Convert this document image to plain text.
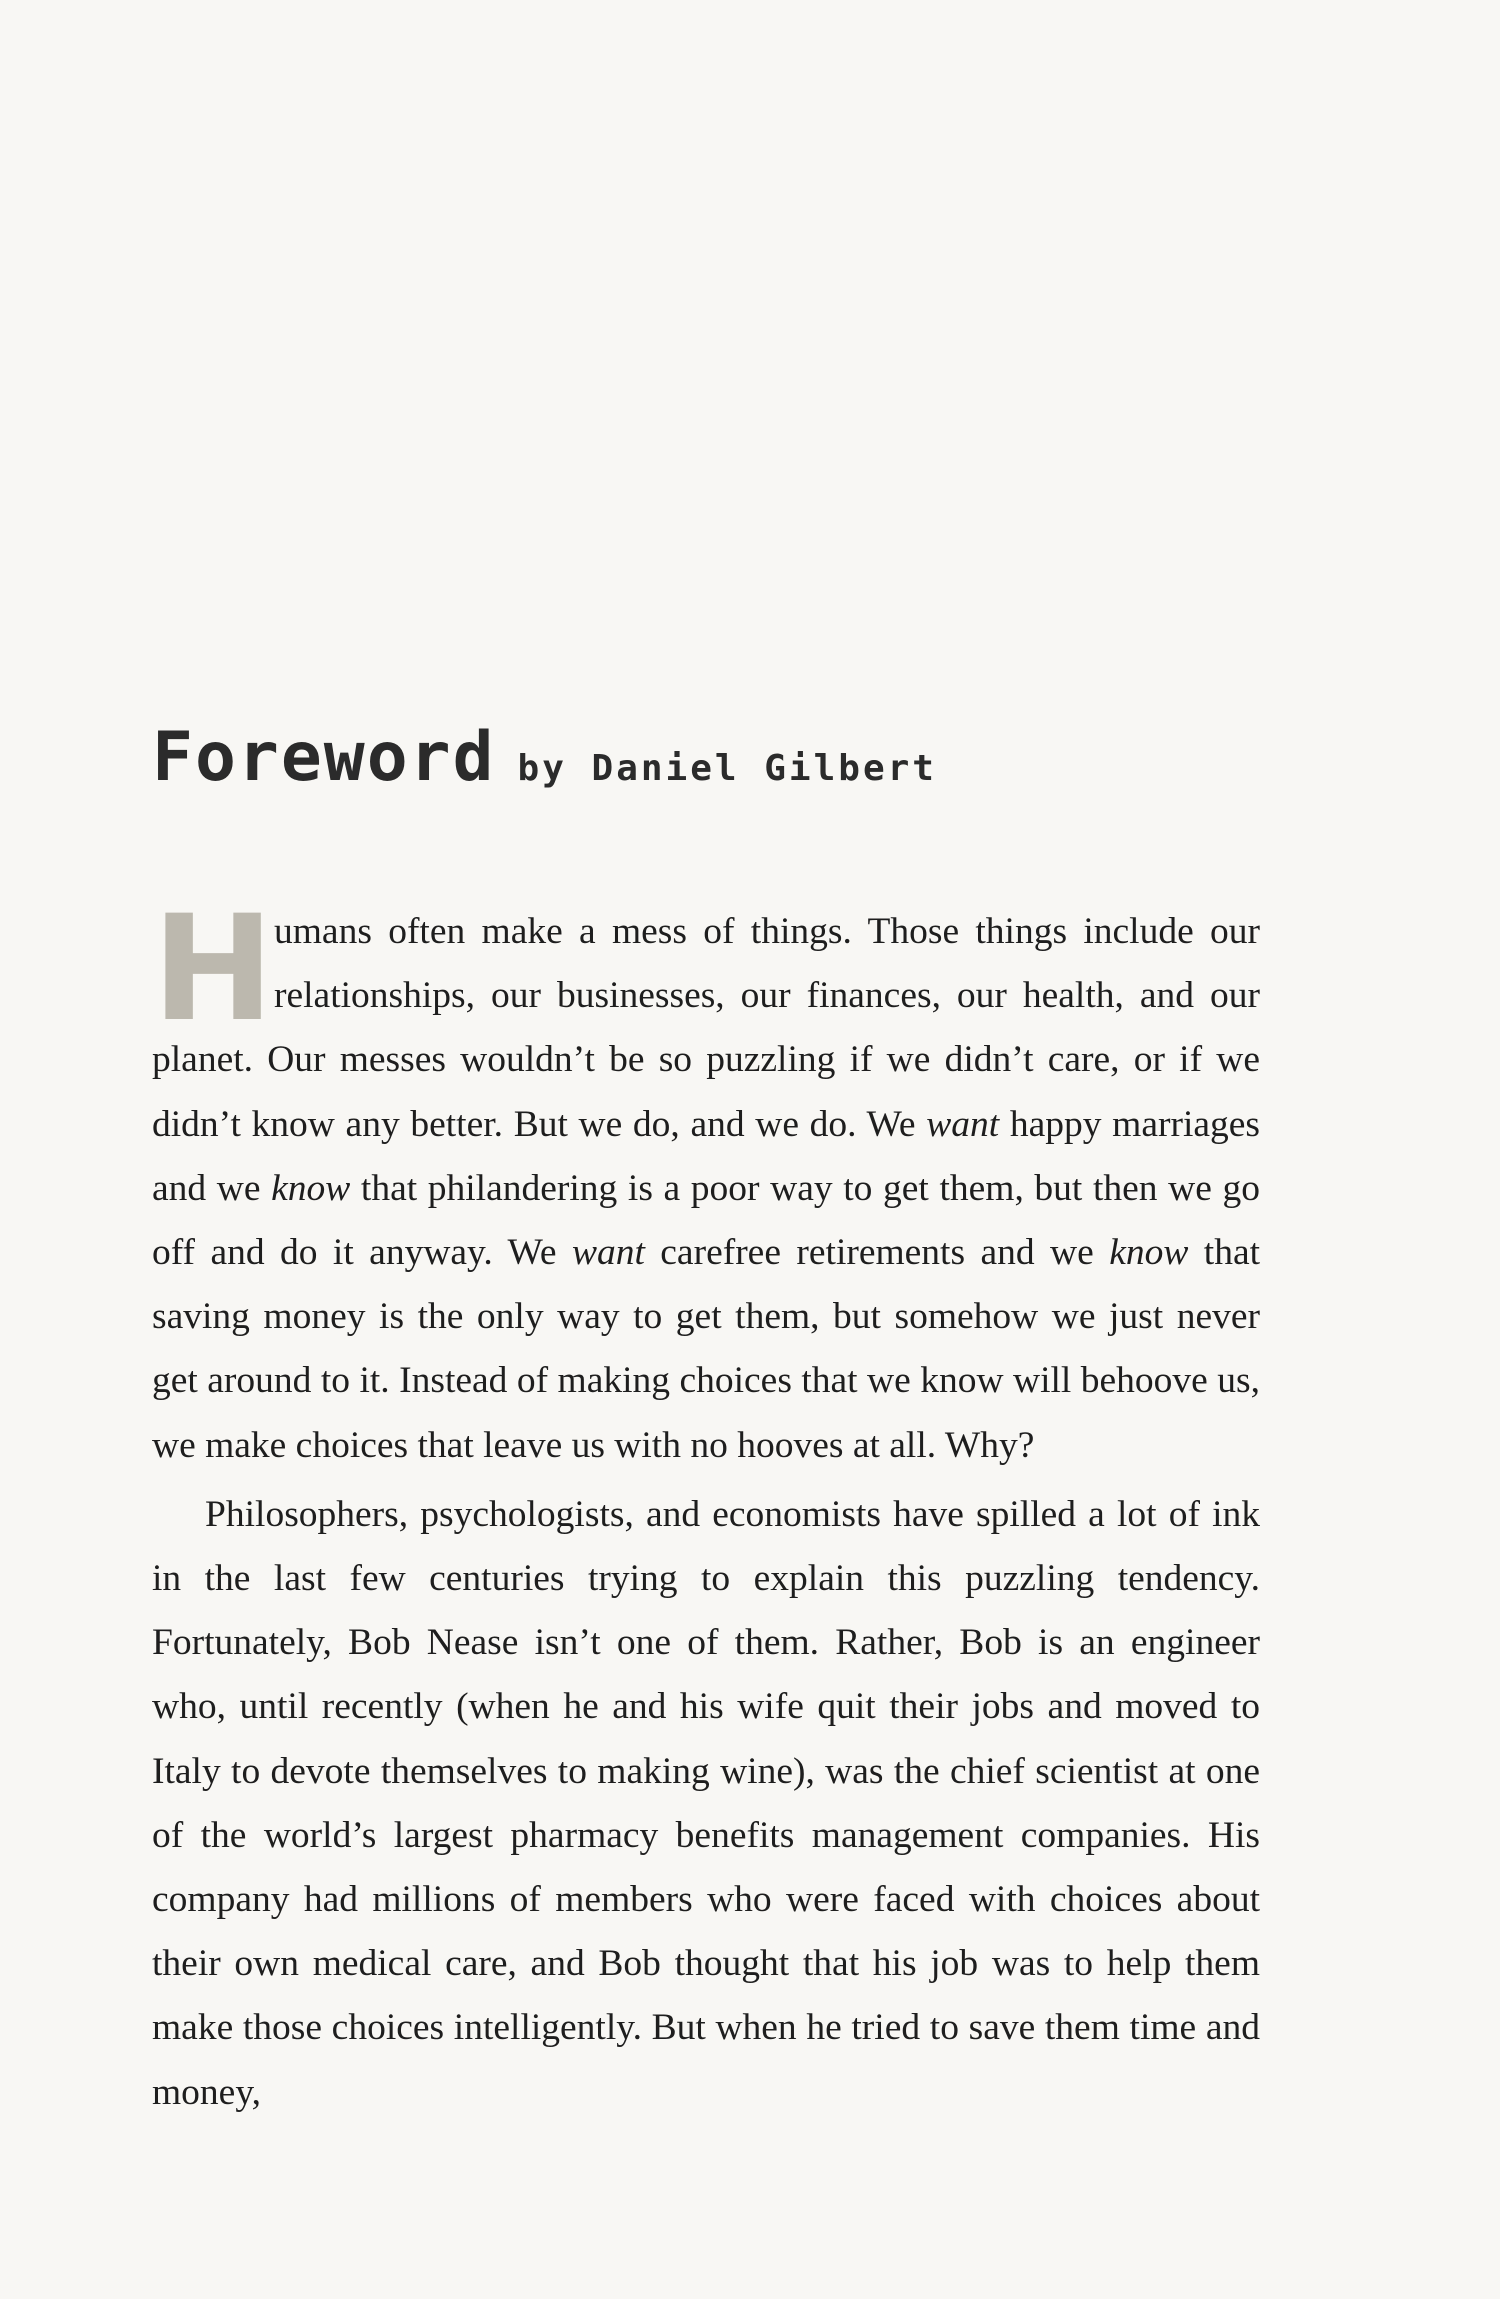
Foreword by Daniel Gilbert

Humans often make a mess of things. Those things include our relationships, our businesses, our finances, our health, and our planet. Our messes wouldn’t be so puzzling if we didn’t care, or if we didn’t know any better. But we do, and we do. We want happy marriages and we know that philandering is a poor way to get them, but then we go off and do it anyway. We want carefree retirements and we know that saving money is the only way to get them, but somehow we just never get around to it. Instead of making choices that we know will behoove us, we make choices that leave us with no hooves at all. Why?

Philosophers, psychologists, and economists have spilled a lot of ink in the last few centuries trying to explain this puzzling tendency. Fortunately, Bob Nease isn’t one of them. Rather, Bob is an engineer who, until recently (when he and his wife quit their jobs and moved to Italy to devote themselves to making wine), was the chief scientist at one of the world’s largest pharmacy benefits management companies. His company had millions of members who were faced with choices about their own medical care, and Bob thought that his job was to help them make those choices intelligently. But when he tried to save them time and money,
